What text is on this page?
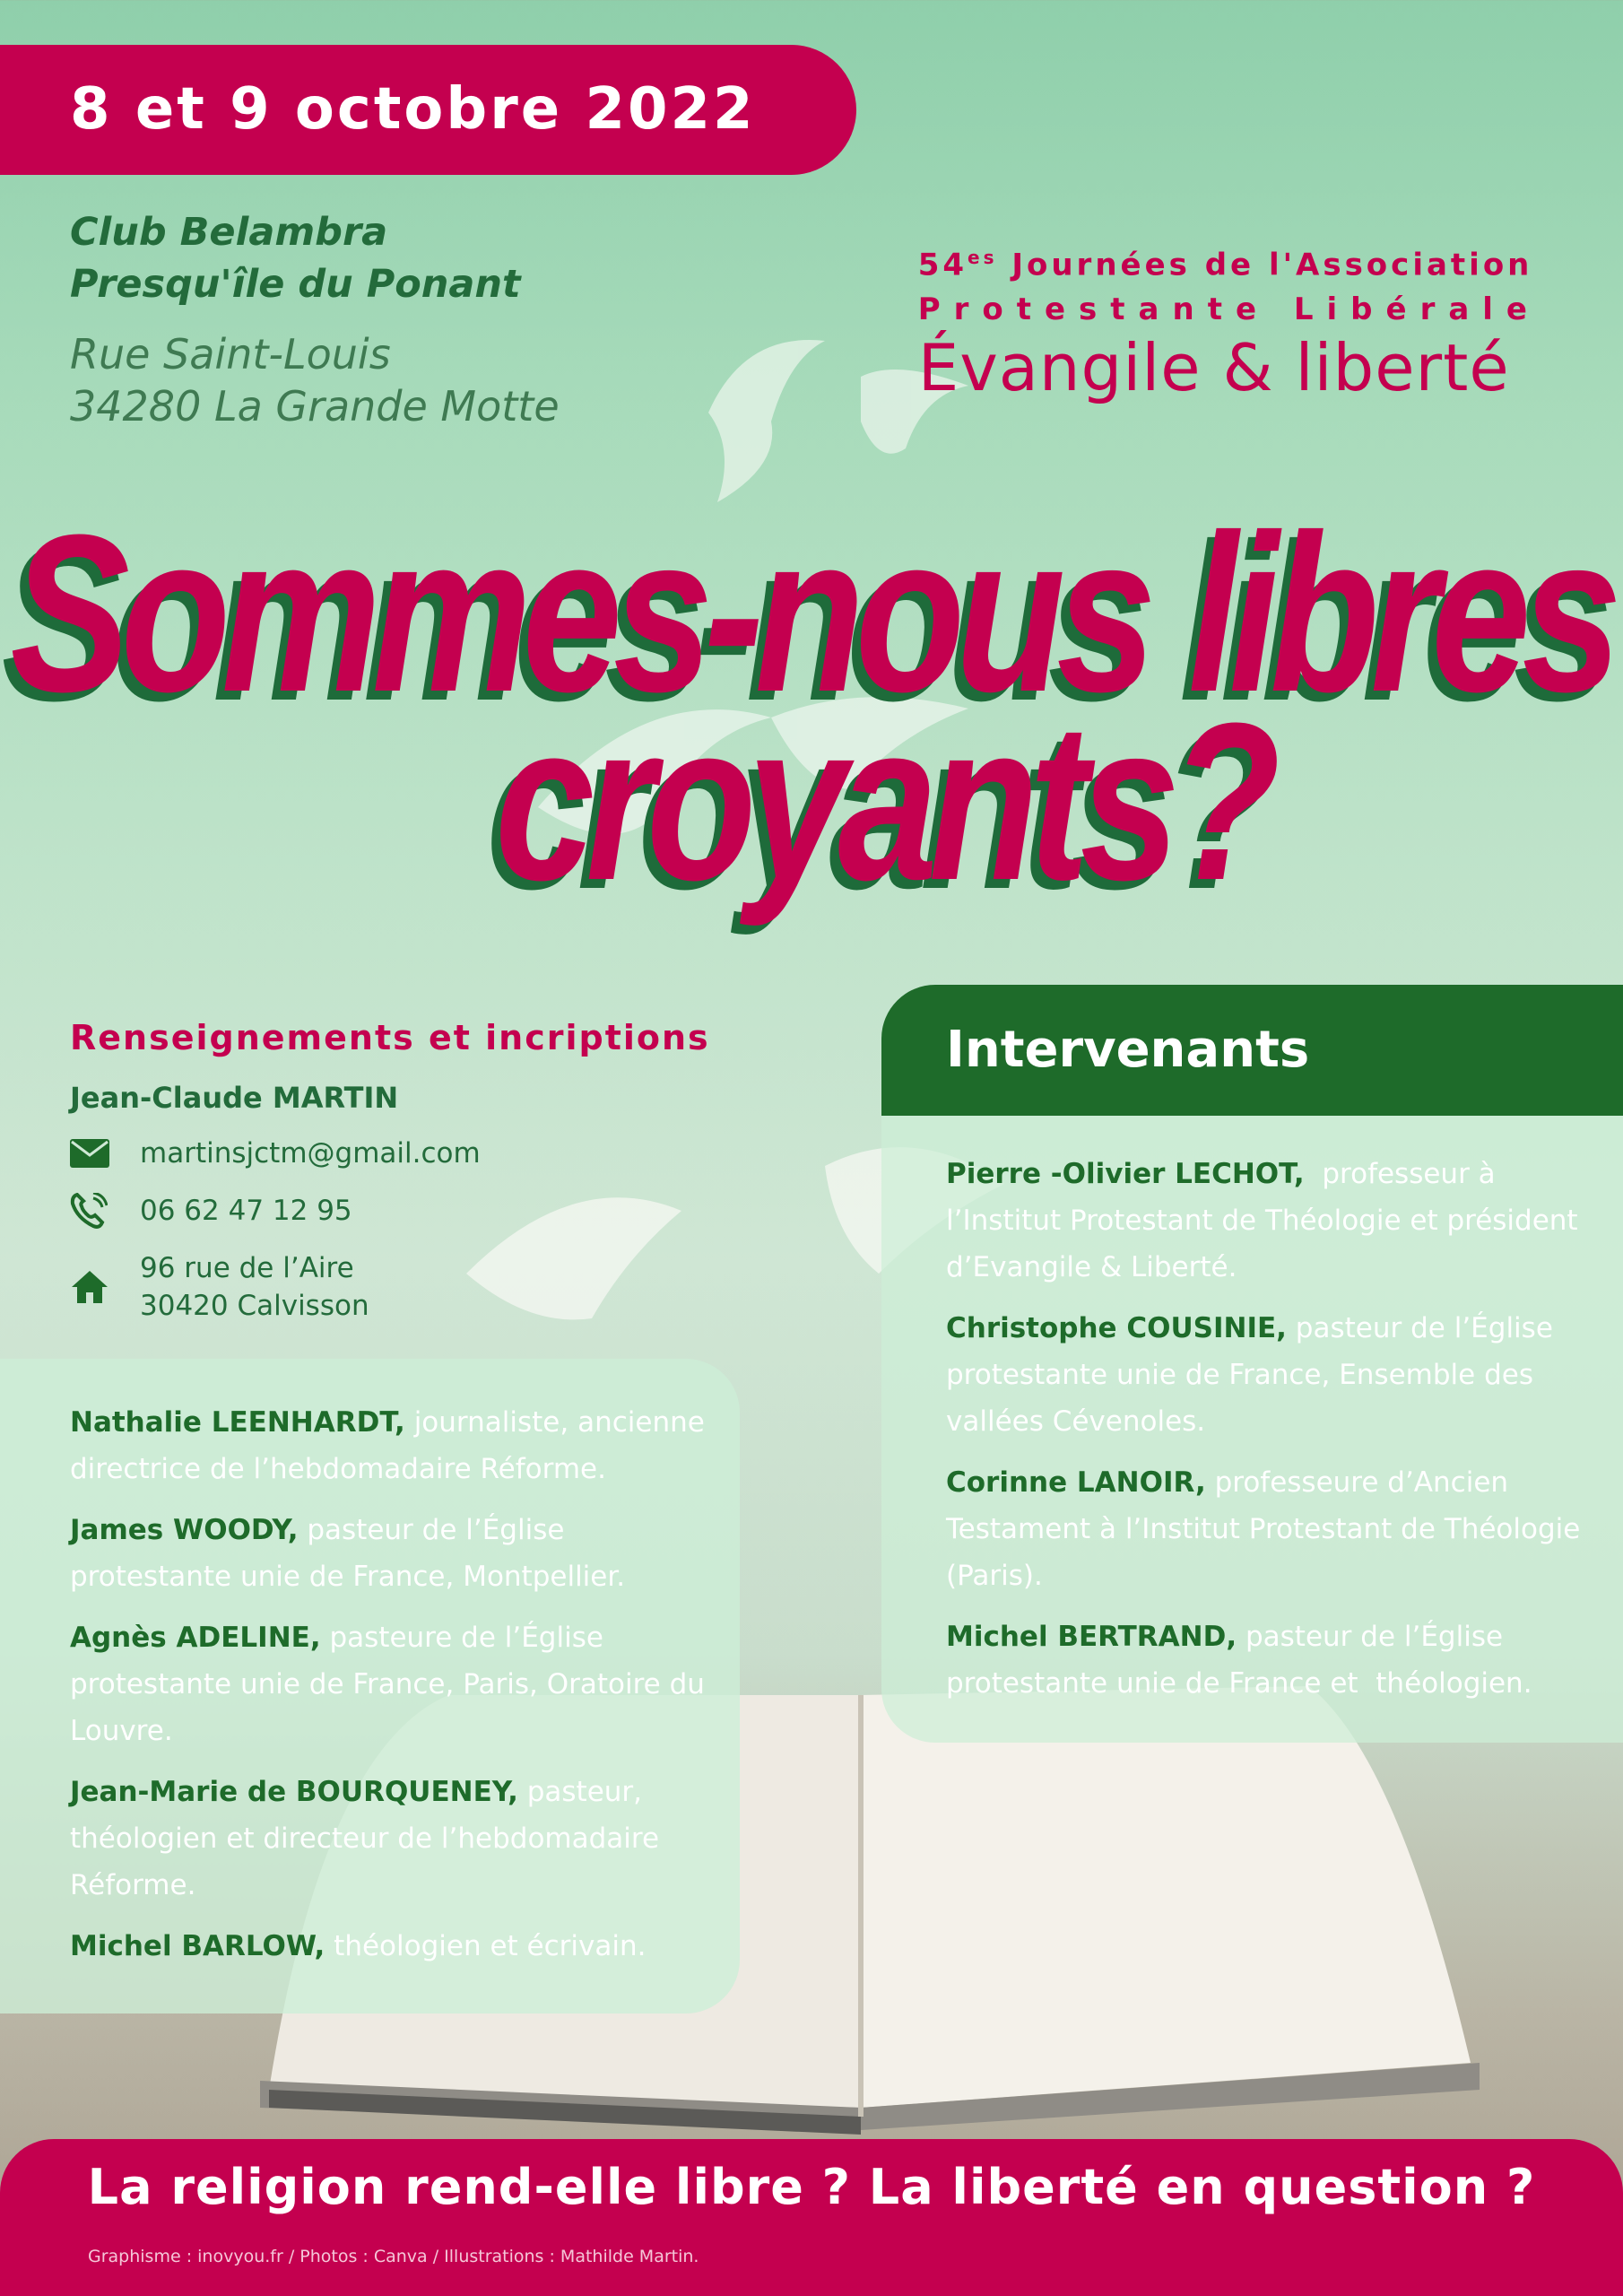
8 et 9 octobre 2022
Club Belambra
Presqu'île du Ponant
Rue Saint-Louis
34280 La Grande Motte
$54^{es}$ Journées de l'Association
Protestante Libérale
Évangile & liberté
Sommes-nous libres
croyants?
Renseignements et incriptions
Jean-Claude MARTIN
martinsjctm@gmail.com
06 62 47 12 95
96 rue de l’Aire
30420 Calvisson
Intervenants
Pierre -Olivier LECHOT,  professeur à l’Institut Protestant de Théologie et président d’Evangile & Liberté.
Christophe COUSINIE, pasteur de l’Église protestante unie de France, Ensemble des vallées Cévenoles.
Corinne LANOIR, professeure d’Ancien Testament à l’Institut Protestant de Théologie (Paris).
Michel BERTRAND, pasteur de l’Église protestante unie de France et  théologien.
Nathalie LEENHARDT, journaliste, ancienne directrice de l’hebdomadaire Réforme.
James WOODY, pasteur de l’Église protestante unie de France, Montpellier.
Agnès ADELINE, pasteure de l’Église protestante unie de France, Paris, Oratoire du Louvre.
Jean-Marie de BOURQUENEY, pasteur, théologien et directeur de l’hebdomadaire Réforme.
Michel BARLOW, théologien et écrivain.
La religion rend-elle libre ? La liberté en question ?
Graphisme : inovyou.fr / Photos : Canva / Illustrations : Mathilde Martin.
